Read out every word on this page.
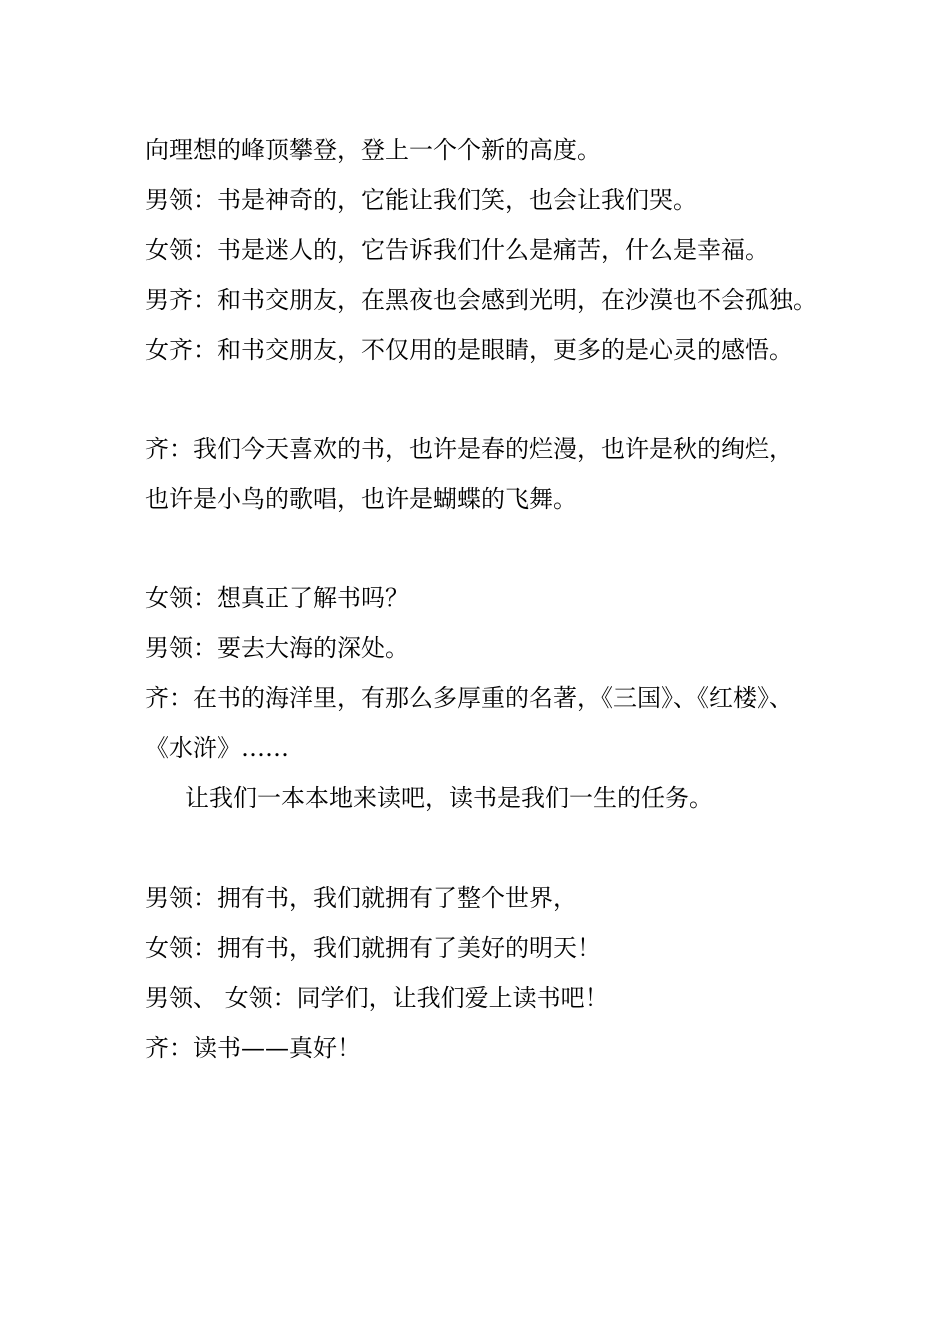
向理想的峰顶攀登，登上一个个新的高度。
男领：书是神奇的，它能让我们笑，也会让我们哭。
女领：书是迷人的，它告诉我们什么是痛苦，什么是幸福。
男齐：和书交朋友，在黑夜也会感到光明，在沙漠也不会孤独。
女齐：和书交朋友，不仅用的是眼睛，更多的是心灵的感悟。
齐：我们今天喜欢的书，也许是春的烂漫，也许是秋的绚烂，
也许是小鸟的歌唱，也许是蝴蝶的飞舞。
女领：想真正了解书吗？
男领：要去大海的深处。
齐：在书的海洋里，有那么多厚重的名著，《三国》、《红楼》、
《水浒》……
让我们一本本地来读吧，读书是我们一生的任务。
男领：拥有书，我们就拥有了整个世界，
女领：拥有书，我们就拥有了美好的明天！
男领、 女领：同学们，让我们爱上读书吧！
齐：读书——真好！
